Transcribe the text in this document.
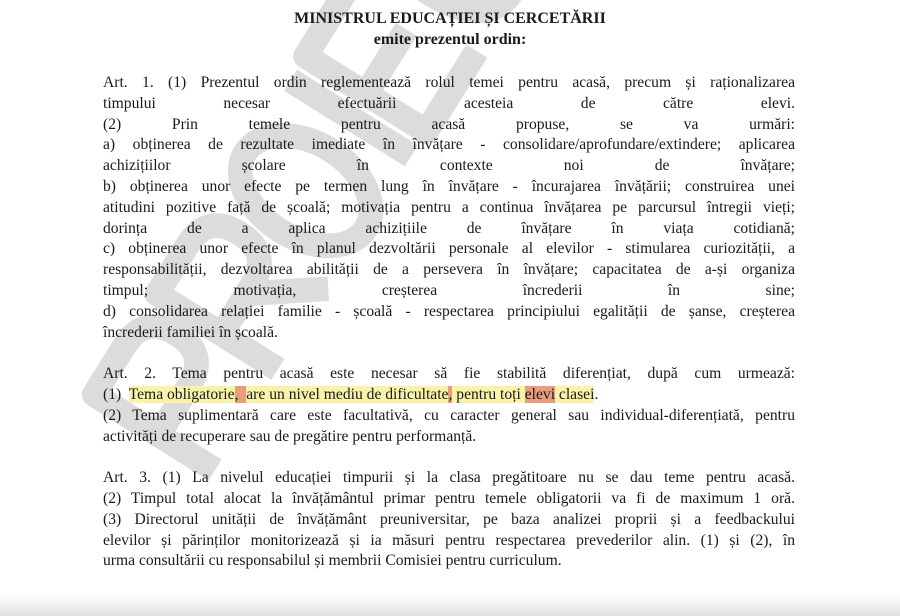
MINISTRUL EDUCAȚIEI ȘI CERCETĂRII
emite prezentul ordin:
Art. 1. (1) Prezentul ordin reglementează rolul temei pentru acasă, precum și raționalizarea
timpului necesar efectuării acesteia de către elevi.
(2) Prin temele pentru acasă propuse, se va urmări:
a) obținerea de rezultate imediate în învățare - consolidare/aprofundare/extindere; aplicarea
achizițiilor școlare în contexte noi de învățare;
b) obținerea unor efecte pe termen lung în învățare - încurajarea învățării; construirea unei
atitudini pozitive față de școală; motivația pentru a continua învățarea pe parcursul întregii vieți;
dorința de a aplica achizițiile de învățare în viața cotidiană;
c) obținerea unor efecte în planul dezvoltării personale al elevilor - stimularea curiozității, a
responsabilității, dezvoltarea abilității de a persevera în învățare; capacitatea de a-și organiza
timpul; motivația, creșterea încrederii în sine;
d) consolidarea relației familie - școală - respectarea principiului egalității de șanse, creșterea
încrederii familiei în școală.
Art. 2. Tema pentru acasă este necesar să fie stabilită diferențiat, după cum urmează:
(1)  Tema obligatorie,  are un nivel mediu de dificultate, pentru toți elevi clasei.
(2) Tema suplimentară care este facultativă, cu caracter general sau individual-diferențiată, pentru
activități de recuperare sau de pregătire pentru performanță.
Art. 3. (1) La nivelul educației timpurii și la clasa pregătitoare nu se dau teme pentru acasă.
(2) Timpul total alocat la învățământul primar pentru temele obligatorii va fi de maximum 1 oră.
(3) Directorul unității de învățământ preuniversitar, pe baza analizei proprii și a feedbackului
elevilor și părinților monitorizează și ia măsuri pentru respectarea prevederilor alin. (1) și (2), în
urma consultării cu responsabilul și membrii Comisiei pentru curriculum.
